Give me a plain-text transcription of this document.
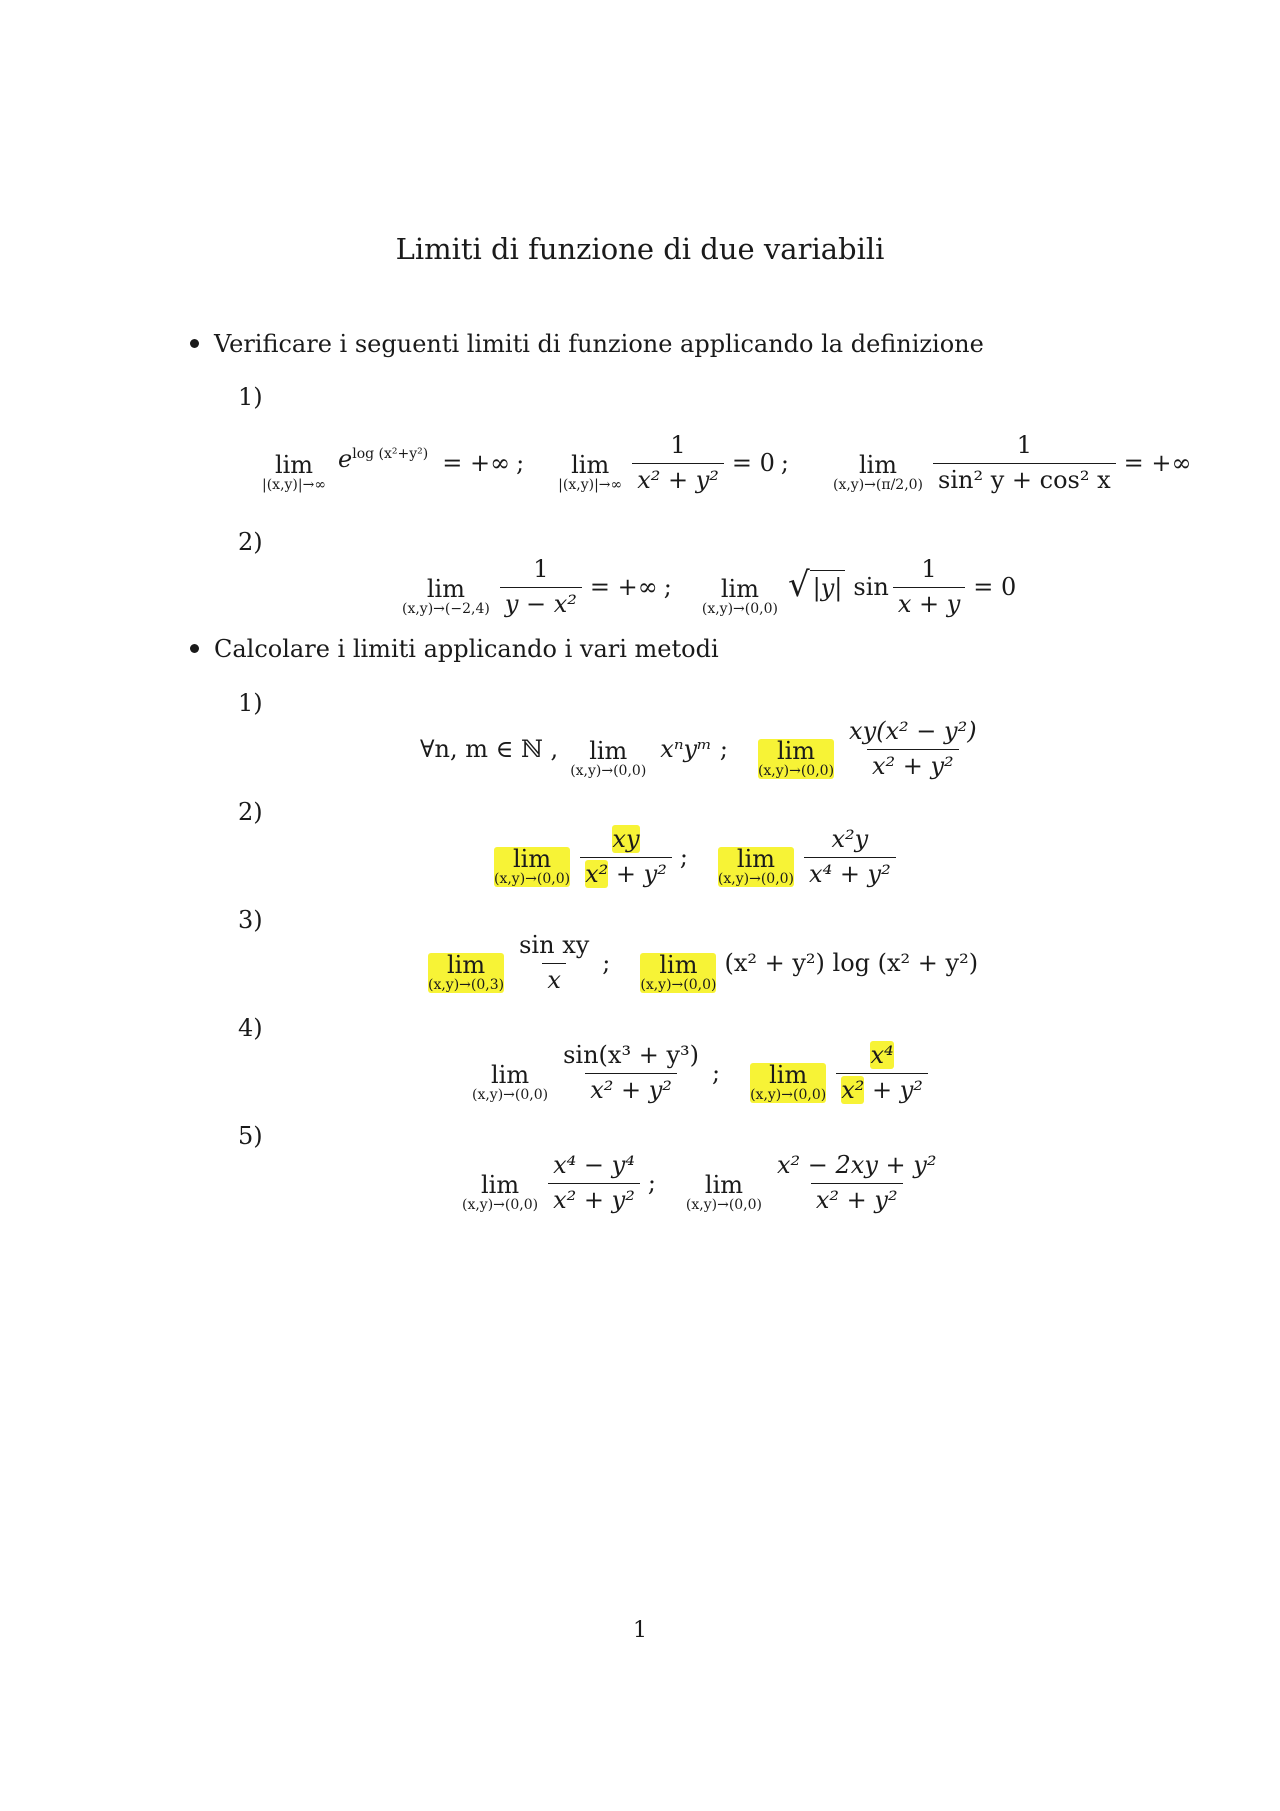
Limiti di funzione di due variabili
Verificare i seguenti limiti di funzione applicando la definizione
1)
lim
|(x,y)|→∞
$e^{log (x^2+y^2)}$ = +∞ ; lim
$|(x,y)|\to\infty \frac{1}{\text{x² + y²}} = 0$ ;	lim
$(x,y)\to(\pi/2,0) \frac{1}{\text{sin² y + cos² x}}$ = +∞
2)
lim
$(x,y)\to(-2,4) \frac{1}{\text{y − x²}}$ = +∞ ; lim
(x,y)→(0,0)
√ |y| $\sin \frac{1}{x + y} = 0$
Calcolare i limiti applicando i vari metodi
1)
∀n, m ∈ ℕ , lim
(x,y)→(0,0)
xⁿyᵐ ; lim
$(x,y)\to(0,0) \frac{\text{xy(x² − y²)}}{\text{x² + y²}}$
2)
lim
$(x,y)\to(0,0) \frac{xy}{\text{x² + y²}}$ ; lim
$(x,y)\to(0,0) \frac{\text{x²y}}{\text{x⁴ + y²}}$
3)
lim
$(x,y)\to(0,3) \frac{\text{sin xy}}{x}$ ; lim
(x,y)→(0,0)
(x² + y²) log (x² + y²)
4)
lim
$(x,y)\to(0,0) \frac{\text{sin(x³ + y³)}}{\text{x² + y²}}$ ; lim
$(x,y)\to(0,0) \frac{\text{x⁴}}{\text{x² + y²}}$
5)
lim
$(x,y)\to(0,0) \frac{\text{x⁴ − y⁴}}{\text{x² + y²}}$ ; lim
$(x,y)\to(0,0) \frac{\text{x² − 2xy + y²}}{\text{x² + y²}}$
1
